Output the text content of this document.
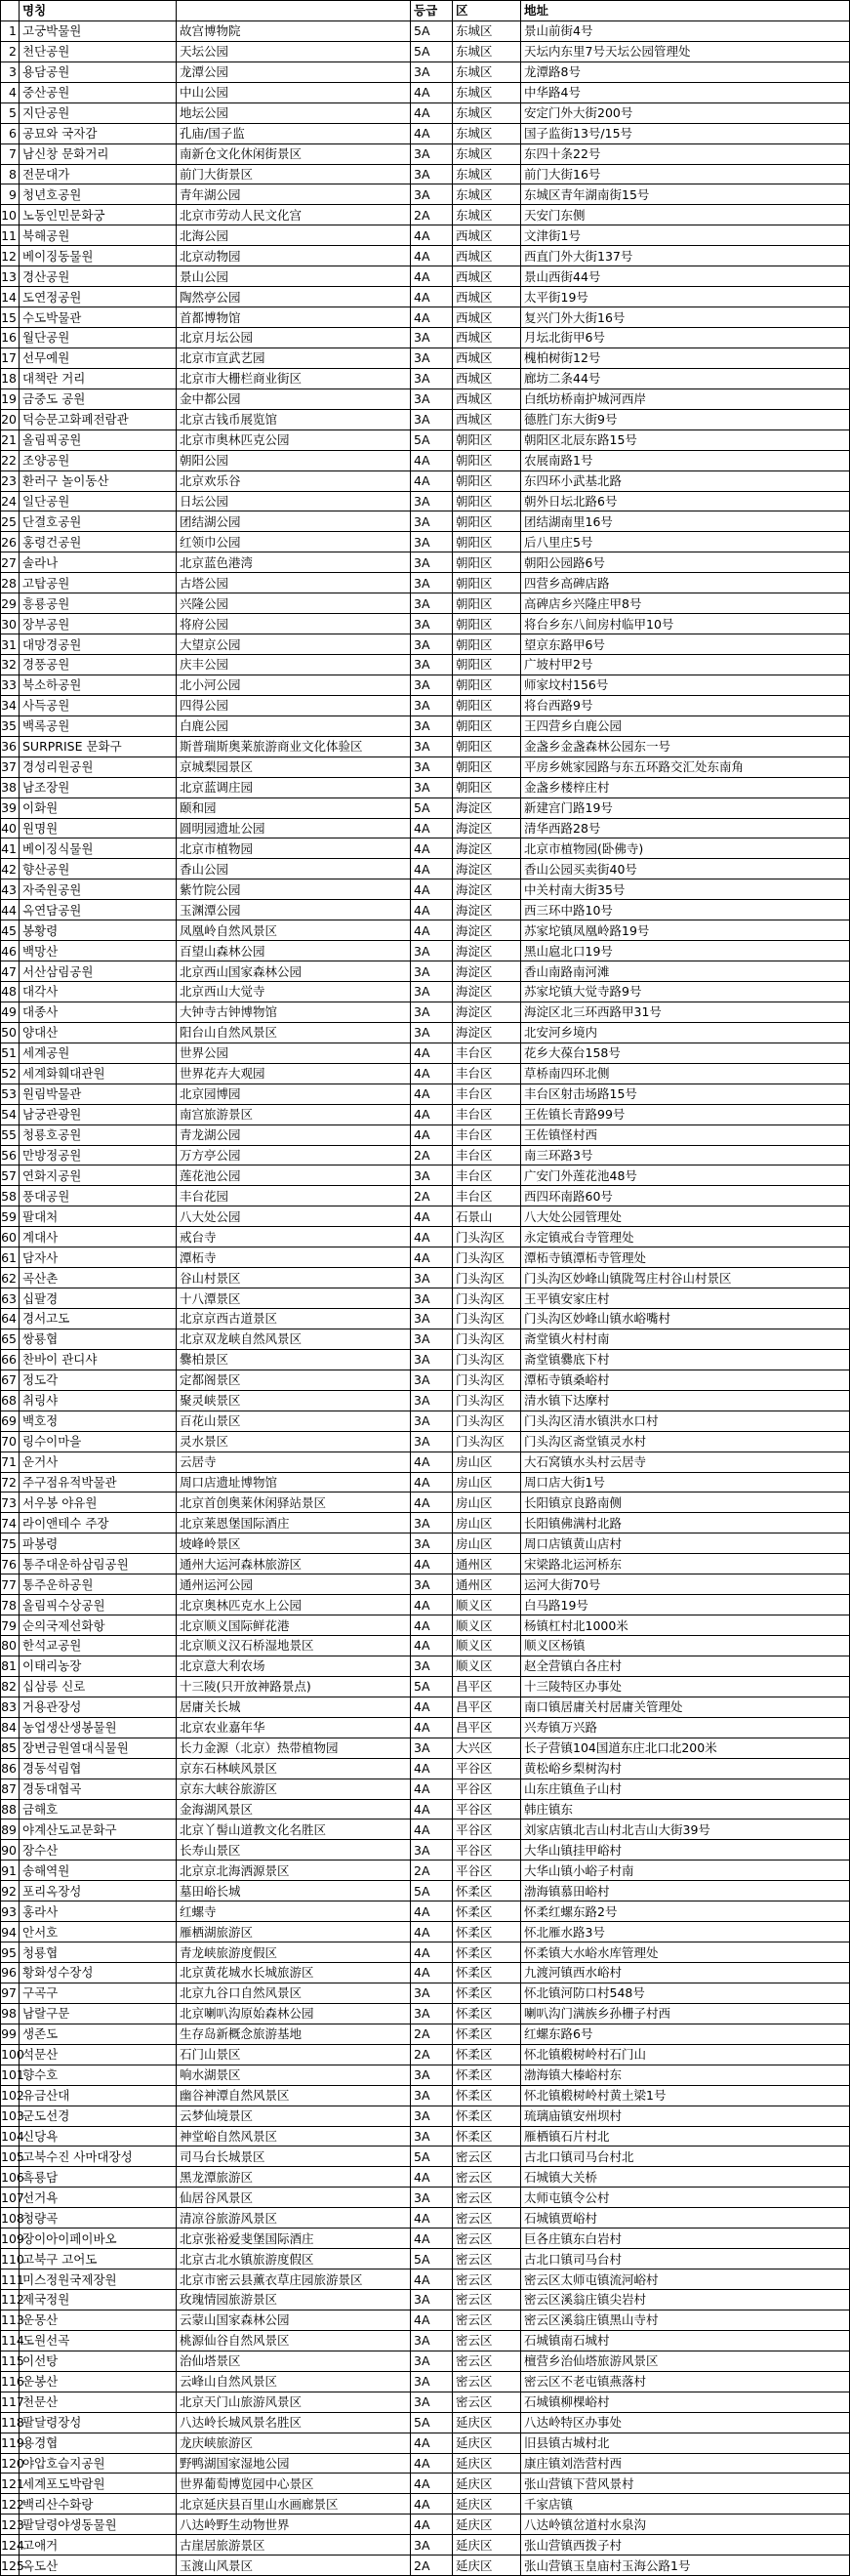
	명칭		등급	区	地址
1	고궁박물원	故宫博物院	5A	东城区	景山前街4号
2	천단공원	天坛公园	5A	东城区	天坛内东里7号天坛公园管理处
3	용담공원	龙潭公园	3A	东城区	龙潭路8号
4	중산공원	中山公园	4A	东城区	中华路4号
5	지단공원	地坛公园	4A	东城区	安定门外大街200号
6	공묘와 국자감	孔庙/国子监	4A	东城区	国子监街13号/15号
7	남신창 문화거리	南新仓文化休闲街景区	3A	东城区	东四十条22号
8	전문대가	前门大街景区	3A	东城区	前门大街16号
9	청년호공원	青年湖公园	3A	东城区	东城区青年湖南街15号
10	노동인민문화궁	北京市劳动人民文化宫	2A	东城区	天安门东侧
11	북해공원	北海公园	4A	西城区	文津街1号
12	베이징동물원	北京动物园	4A	西城区	西直门外大街137号
13	경산공원	景山公园	4A	西城区	景山西街44号
14	도연정공원	陶然亭公园	4A	西城区	太平街19号
15	수도박물관	首都博物馆	4A	西城区	复兴门外大街16号
16	월단공원	北京月坛公园	3A	西城区	月坛北街甲6号
17	선무예원	北京市宣武艺园	3A	西城区	槐柏树街12号
18	대책란 거리	北京市大栅栏商业街区	3A	西城区	廊坊二条44号
19	금중도 공원	金中都公园	3A	西城区	白纸坊桥南护城河西岸
20	덕승문고화폐전람관	北京古钱币展览馆	3A	西城区	德胜门东大街9号
21	올림픽공원	北京市奥林匹克公园	5A	朝阳区	朝阳区北辰东路15号
22	조양공원	朝阳公园	4A	朝阳区	农展南路1号
23	환러구 놀이동산	北京欢乐谷	4A	朝阳区	东四环小武基北路
24	일단공원	日坛公园	3A	朝阳区	朝外日坛北路6号
25	단결호공원	团结湖公园	3A	朝阳区	团结湖南里16号
26	홍령건공원	红领巾公园	3A	朝阳区	后八里庄5号
27	솔라나	北京蓝色港湾	3A	朝阳区	朝阳公园路6号
28	고탑공원	古塔公园	3A	朝阳区	四营乡高碑店路
29	흥룡공원	兴隆公园	3A	朝阳区	高碑店乡兴隆庄甲8号
30	장부공원	将府公园	3A	朝阳区	将台乡东八间房村临甲10号
31	대망경공원	大望京公园	3A	朝阳区	望京东路甲6号
32	경풍공원	庆丰公园	3A	朝阳区	广坡村甲2号
33	북소하공원	北小河公园	3A	朝阳区	师家坟村156号
34	사득공원	四得公园	3A	朝阳区	将台西路9号
35	백록공원	白鹿公园	3A	朝阳区	王四营乡白鹿公园
36	SURPRISE 문화구	斯普瑞斯奥莱旅游商业文化体验区	3A	朝阳区	金盏乡金盏森林公园东一号
37	경성리원공원	京城梨园景区	3A	朝阳区	平房乡姚家园路与东五环路交汇处东南角
38	남조장원	北京蓝调庄园	3A	朝阳区	金盏乡楼梓庄村
39	이화원	颐和园	5A	海淀区	新建宫门路19号
40	원명원	圆明园遗址公园	4A	海淀区	清华西路28号
41	베이징식물원	北京市植物园	4A	海淀区	北京市植物园(卧佛寺)
42	향산공원	香山公园	4A	海淀区	香山公园买卖街40号
43	자죽원공원	紫竹院公园	4A	海淀区	中关村南大街35号
44	옥연담공원	玉渊潭公园	4A	海淀区	西三环中路10号
45	봉황령	凤凰岭自然风景区	4A	海淀区	苏家坨镇凤凰岭路19号
46	백망산	百望山森林公园	3A	海淀区	黑山扈北口19号
47	서산삼림공원	北京西山国家森林公园	3A	海淀区	香山南路南河滩
48	대각사	北京西山大觉寺	3A	海淀区	苏家坨镇大觉寺路9号
49	대종사	大钟寺古钟博物馆	3A	海淀区	海淀区北三环西路甲31号
50	양대산	阳台山自然风景区	3A	海淀区	北安河乡境内
51	세계공원	世界公园	4A	丰台区	花乡大葆台158号
52	세계화훼대관원	世界花卉大观园	4A	丰台区	草桥南四环北侧
53	원림박물관	北京园博园	4A	丰台区	丰台区射击场路15号
54	남궁관광원	南宫旅游景区	4A	丰台区	王佐镇长青路99号
55	청룡호공원	青龙湖公园	4A	丰台区	王佐镇怪村西
56	만방정공원	万方亭公园	2A	丰台区	南三环路3号
57	연화지공원	莲花池公园	3A	丰台区	广安门外莲花池48号
58	풍대공원	丰台花园	2A	丰台区	西四环南路60号
59	팔대처	八大处公园	4A	石景山	八大处公园管理处
60	계대사	戒台寺	4A	门头沟区	永定镇戒台寺管理处
61	담자사	潭柘寺	4A	门头沟区	潭柘寺镇潭柘寺管理处
62	곡산촌	谷山村景区	3A	门头沟区	门头沟区妙峰山镇陇驾庄村谷山村景区
63	십팔경	十八潭景区	3A	门头沟区	王平镇安家庄村
64	경서고도	北京京西古道景区	3A	门头沟区	门头沟区妙峰山镇水峪嘴村
65	쌍룡협	北京双龙峡自然风景区	3A	门头沟区	斋堂镇火村村南
66	찬바이 관디샤	爨柏景区	3A	门头沟区	斋堂镇爨底下村
67	정도각	定都阁景区	3A	门头沟区	潭柘寺镇桑峪村
68	취링샤	聚灵峡景区	3A	门头沟区	清水镇下达摩村
69	백호정	百花山景区	3A	门头沟区	门头沟区清水镇洪水口村
70	링수이마을	灵水景区	3A	门头沟区	门头沟区斋堂镇灵水村
71	운거사	云居寺	4A	房山区	大石窝镇水头村云居寺
72	주구점유적박물관	周口店遗址博物馆	4A	房山区	周口店大街1号
73	서우봉 야유원	北京首创奥莱休闲驿站景区	4A	房山区	长阳镇京良路南侧
74	라이앤테수 주장	北京莱恩堡国际酒庄	3A	房山区	长阳镇佛满村北路
75	파봉령	坡峰岭景区	3A	房山区	周口店镇黄山店村
76	통주대운하삼림공원	通州大运河森林旅游区	4A	通州区	宋梁路北运河桥东
77	통주운하공원	通州运河公园	3A	通州区	运河大街70号
78	올림픽수상공원	北京奥林匹克水上公园	4A	顺义区	白马路19号
79	순의국제선화항	北京顺义国际鲜花港	4A	顺义区	杨镇杠村北1000米
80	한석교공원	北京顺义汉石桥湿地景区	4A	顺义区	顺义区杨镇
81	이태리농장	北京意大利农场	3A	顺义区	赵全营镇白各庄村
82	십삼릉 신로	十三陵(只开放神路景点)	5A	昌平区	十三陵特区办事处
83	거용관장성	居庸关长城	4A	昌平区	南口镇居庸关村居庸关管理处
84	농업생산생봉물원	北京农业嘉年华	4A	昌平区	兴寿镇万兴路
85	장변금원열대식물원	长力金源（北京）热带植物园	3A	大兴区	长子营镇104国道东庄北口北200米
86	경동석림협	京东石林峡风景区	4A	平谷区	黄松峪乡梨树沟村
87	경동대협곡	京东大峡谷旅游区	4A	平谷区	山东庄镇鱼子山村
88	금해호	金海湖风景区	4A	平谷区	韩庄镇东
89	야계산도교문화구	北京丫髻山道教文化名胜区	4A	平谷区	刘家店镇北吉山村北吉山大街39号
90	장수산	长寿山景区	3A	平谷区	大华山镇挂甲峪村
91	송해역원	北京京北海洒源景区	2A	平谷区	大华山镇小峪子村南
92	포리옥장성	墓田峪长城	5A	怀柔区	渤海镇慕田峪村
93	홍라사	红螺寺	4A	怀柔区	怀柔红螺东路2号
94	안서호	雁栖湖旅游区	4A	怀柔区	怀北雁水路3号
95	청룡협	青龙峡旅游度假区	4A	怀柔区	怀柔镇大水峪水库管理处
96	황화성수장성	北京黄花城水长城旅游区	4A	怀柔区	九渡河镇西水峪村
97	구곡구	北京九谷口自然风景区	3A	怀柔区	怀北镇河防口村548号
98	남랄구문	北京喇叭沟原始森林公园	3A	怀柔区	喇叭沟门满族乡孙栅子村西
99	생존도	生存岛新概念旅游基地	2A	怀柔区	红螺东路6号
100	석문산	石门山景区	2A	怀柔区	怀北镇椴树岭村石门山
101	향수호	响水湖景区	3A	怀柔区	渤海镇大榛峪村东
102	유금산대	幽谷神潭自然风景区	3A	怀柔区	怀北镇椴树岭村黄土梁1号
103	군도선경	云梦仙境景区	3A	怀柔区	琉璃庙镇安州坝村
104	신당욕	神堂峪自然风景区	3A	怀柔区	雁栖镇石片村北
105	고북수진 사마대장성	司马台长城景区	5A	密云区	古北口镇司马台村北
106	흑룡담	黑龙潭旅游区	4A	密云区	石城镇大关桥
107	선거욕	仙居谷风景区	3A	密云区	太师屯镇令公村
108	청량곡	清凉谷旅游风景区	4A	密云区	石城镇贾峪村
109	장이아이페이바오	北京张裕爱斐堡国际酒庄	4A	密云区	巨各庄镇东白岩村
110	고북구 고어도	北京古北水镇旅游度假区	5A	密云区	古北口镇司马台村
111	미스정원국제장원	北京市密云县薰衣草庄园旅游景区	4A	密云区	密云区太师屯镇流河峪村
112	제국정원	玫瑰情园旅游景区	3A	密云区	密云区溪翁庄镇尖岩村
113	운몽산	云蒙山国家森林公园	4A	密云区	密云区溪翁庄镇黑山寺村
114	도원선곡	桃源仙谷自然风景区	3A	密云区	石城镇南石城村
115	이선탕	治仙塔景区	3A	密云区	檀营乡治仙塔旅游风景区
116	운봉산	云峰山自然风景区	3A	密云区	密云区不老屯镇燕落村
117	천문산	北京天门山旅游风景区	3A	密云区	石城镇柳棵峪村
118	팔달령장성	八达岭长城风景名胜区	5A	延庆区	八达岭特区办事处
119	용경협	龙庆峡旅游区	4A	延庆区	旧县镇古城村北
120	야압호습지공원	野鸭湖国家湿地公园	4A	延庆区	康庄镇刘浩营村西
121	세계포도박람원	世界葡萄博览园中心景区	4A	延庆区	张山营镇下营风景村
122	백리산수화랑	北京延庆县百里山水画廊景区	4A	延庆区	千家店镇
123	팔달령야생동물원	八达岭野生动物世界	4A	延庆区	八达岭镇岔道村水泉沟
124	고애거	古崖居旅游景区	3A	延庆区	张山营镇西拨子村
125	옥도산	玉渡山风景区	2A	延庆区	张山营镇玉皇庙村玉海公路1号
